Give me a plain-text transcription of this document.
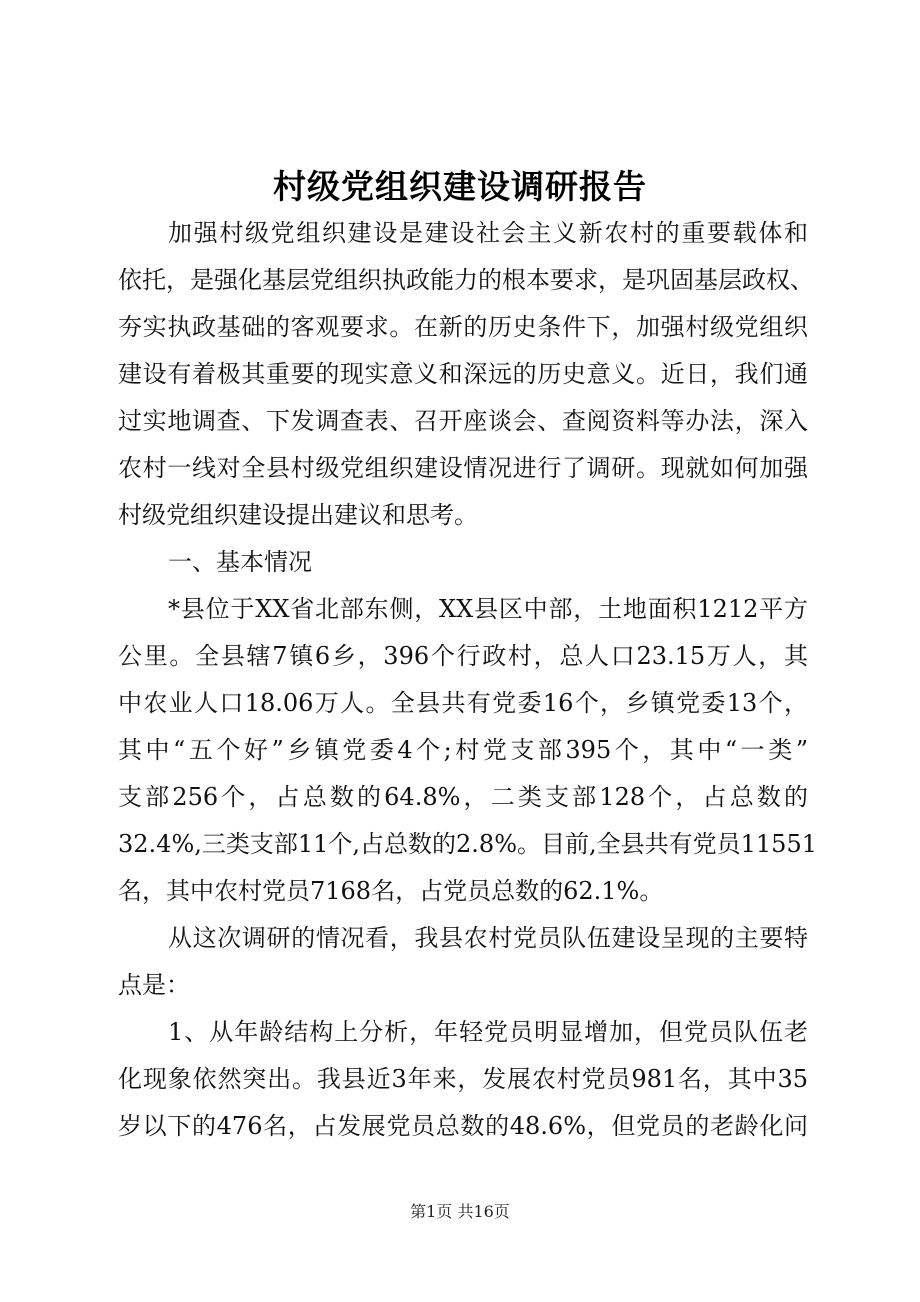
村级党组织建设调研报告
加强村级党组织建设是建设社会主义新农村的重要载体和
依托，是强化基层党组织执政能力的根本要求，是巩固基层政权、
夯实执政基础的客观要求。在新的历史条件下，加强村级党组织
建设有着极其重要的现实意义和深远的历史意义。近日，我们通
过实地调查、下发调查表、召开座谈会、查阅资料等办法，深入
农村一线对全县村级党组织建设情况进行了调研。现就如何加强
村级党组织建设提出建议和思考。
一、基本情况
*县位于XX省北部东侧，XX县区中部，土地面积1212平方
公里。全县辖7镇6乡，396个行政村，总人口23.15万人，其
中农业人口18.06万人。全县共有党委16个，乡镇党委13个，
其中“五个好”乡镇党委4个;村党支部395个，其中“一类”
支部256个，占总数的64.8%，二类支部128个，占总数的
32.4%,三类支部11个,占总数的2.8%。目前,全县共有党员11551
名，其中农村党员7168名，占党员总数的62.1%。
从这次调研的情况看，我县农村党员队伍建设呈现的主要特
点是：
1、从年龄结构上分析，年轻党员明显增加，但党员队伍老
化现象依然突出。我县近3年来，发展农村党员981名，其中35
岁以下的476名，占发展党员总数的48.6%，但党员的老龄化问
第1页 共16页
